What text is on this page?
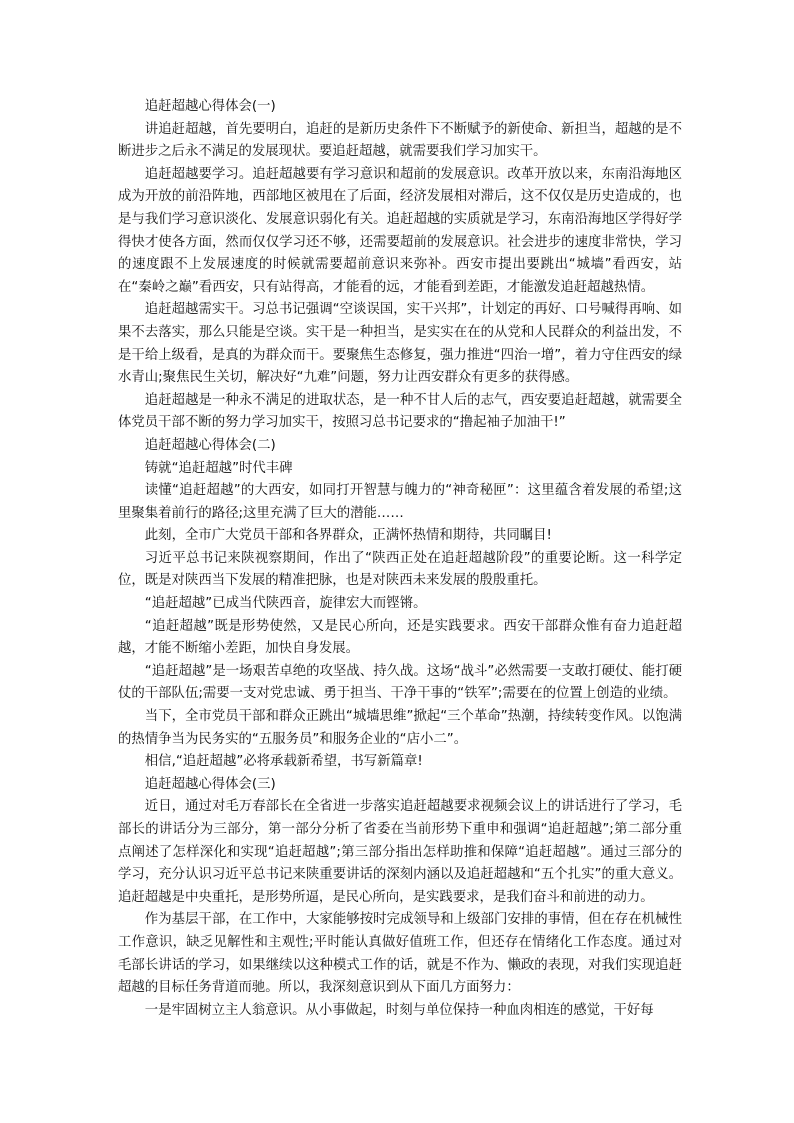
追赶超越心得体会(一)

讲追赶超越，首先要明白，追赶的是新历史条件下不断赋予的新使命、新担当，超越的是不断进步之后永不满足的发展现状。要追赶超越，就需要我们学习加实干。

追赶超越要学习。追赶超越要有学习意识和超前的发展意识。改革开放以来，东南沿海地区成为开放的前沿阵地，西部地区被甩在了后面，经济发展相对滞后，这不仅仅是历史造成的，也是与我们学习意识淡化、发展意识弱化有关。追赶超越的实质就是学习，东南沿海地区学得好学得快才使各方面，然而仅仅学习还不够，还需要超前的发展意识。社会进步的速度非常快，学习的速度跟不上发展速度的时候就需要超前意识来弥补。西安市提出要跳出“城墙”看西安，站在“秦岭之巅”看西安，只有站得高，才能看的远，才能看到差距，才能激发追赶超越热情。

追赶超越需实干。习总书记强调“空谈误国，实干兴邦”，计划定的再好、口号喊得再响、如果不去落实，那么只能是空谈。实干是一种担当，是实实在在的从党和人民群众的利益出发，不是干给上级看，是真的为群众而干。要聚焦生态修复，强力推进“四治一增”，着力守住西安的绿水青山;聚焦民生关切，解决好“九难”问题，努力让西安群众有更多的获得感。

追赶超越是一种永不满足的进取状态，是一种不甘人后的志气，西安要追赶超越，就需要全体党员干部不断的努力学习加实干，按照习总书记要求的“撸起袖子加油干!”

追赶超越心得体会(二)

铸就“追赶超越”时代丰碑

读懂“追赶超越”的大西安，如同打开智慧与魄力的“神奇秘匣”：这里蕴含着发展的希望;这里聚集着前行的路径;这里充满了巨大的潜能……

此刻，全市广大党员干部和各界群众，正满怀热情和期待，共同瞩目!

习近平总书记来陕视察期间，作出了“陕西正处在追赶超越阶段”的重要论断。这一科学定位，既是对陕西当下发展的精准把脉，也是对陕西未来发展的殷殷重托。

“追赶超越”已成当代陕西音，旋律宏大而铿锵。

“追赶超越”既是形势使然，又是民心所向，还是实践要求。西安干部群众惟有奋力追赶超越，才能不断缩小差距，加快自身发展。

“追赶超越”是一场艰苦卓绝的攻坚战、持久战。这场“战斗”必然需要一支敢打硬仗、能打硬仗的干部队伍;需要一支对党忠诚、勇于担当、干净干事的“铁军”;需要在的位置上创造的业绩。

当下，全市党员干部和群众正跳出“城墙思维”掀起“三个革命”热潮，持续转变作风。以饱满的热情争当为民务实的“五服务员”和服务企业的“店小二”。

相信,“追赶超越”必将承载新希望，书写新篇章!

追赶超越心得体会(三)

近日，通过对毛万春部长在全省进一步落实追赶超越要求视频会议上的讲话进行了学习，毛部长的讲话分为三部分，第一部分分析了省委在当前形势下重申和强调“追赶超越”;第二部分重点阐述了怎样深化和实现“追赶超越”;第三部分指出怎样助推和保障“追赶超越”。通过三部分的学习，充分认识习近平总书记来陕重要讲话的深刻内涵以及追赶超越和“五个扎实”的重大意义。追赶超越是中央重托，是形势所逼，是民心所向，是实践要求，是我们奋斗和前进的动力。

作为基层干部，在工作中，大家能够按时完成领导和上级部门安排的事情，但在存在机械性工作意识，缺乏见解性和主观性;平时能认真做好值班工作，但还存在情绪化工作态度。通过对毛部长讲话的学习，如果继续以这种模式工作的话，就是不作为、懒政的表现，对我们实现追赶超越的目标任务背道而驰。所以，我深刻意识到从下面几方面努力：

一是牢固树立主人翁意识。从小事做起，时刻与单位保持一种血肉相连的感觉，干好每
